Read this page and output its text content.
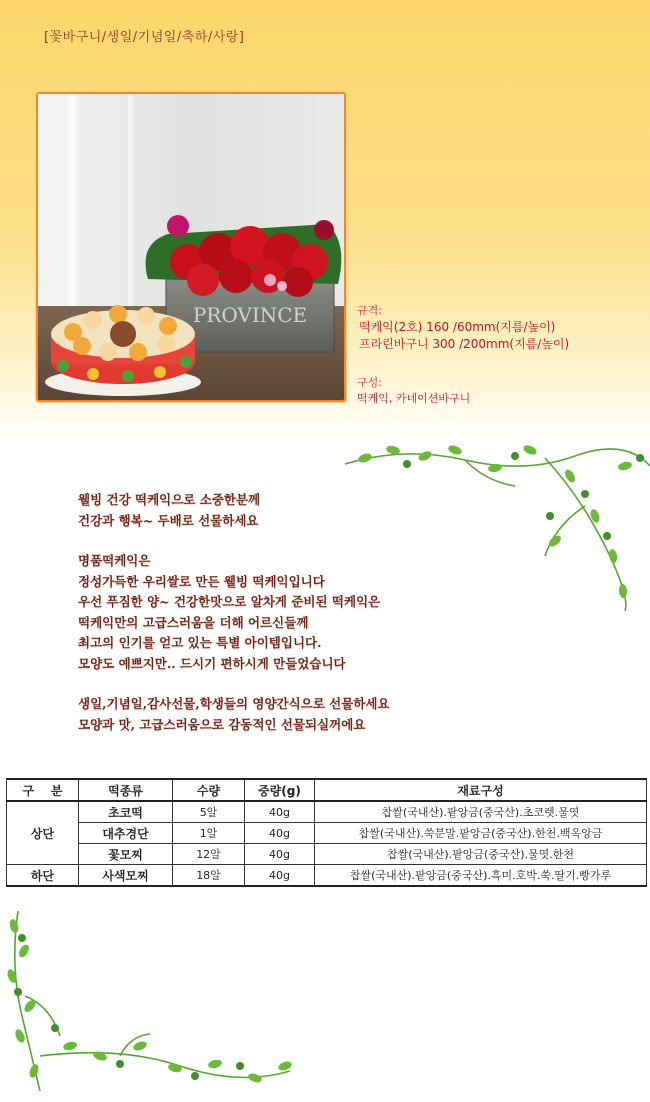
[꽃바구니/생일/기념일/축하/사랑]
PROVINCE	규격:
떡케익(2호) 160 /60mm(지름/높이)
프라린바구니 300 /200mm(지름/높이)
구성:
떡케익, 카네이션바구니

웰빙 건강 떡케익으로 소중한분께
건강과 행복~ 두배로 선물하세요

명품떡케익은
정성가득한 우리쌀로 만든 웰빙 떡케익입니다
우선 푸짐한 양~ 건강한맛으로 알차게 준비된 떡케익은
떡케익만의 고급스러움을 더해 어르신들께
최고의 인기를 얻고 있는 특별 아이템입니다.
모양도 예쁘지만.. 드시기 편하시게 만들었습니다

생일,기념일,감사선물,학생들의 영양간식으로 선물하세요
모양과 맛, 고급스러움으로 감동적인 선물되실꺼에요

구    분	떡종류	수량	중량(g)	재료구성
상단	초코떡	5알	40g	찹쌀(국내산).팥앙금(중국산).초코렛.물엿
	대추경단	1알	40g	찹쌀(국내산).쑥분말.팥앙금(중국산).한천.백옥앙금
	꽃모찌	12알	40g	찹쌀(국내산).팥앙금(중국산).물엿.한천
하단	사색모찌	18알	40g	찹쌀(국내산).팥앙금(중국산).흑미.호박.쑥.딸기.빵가루
